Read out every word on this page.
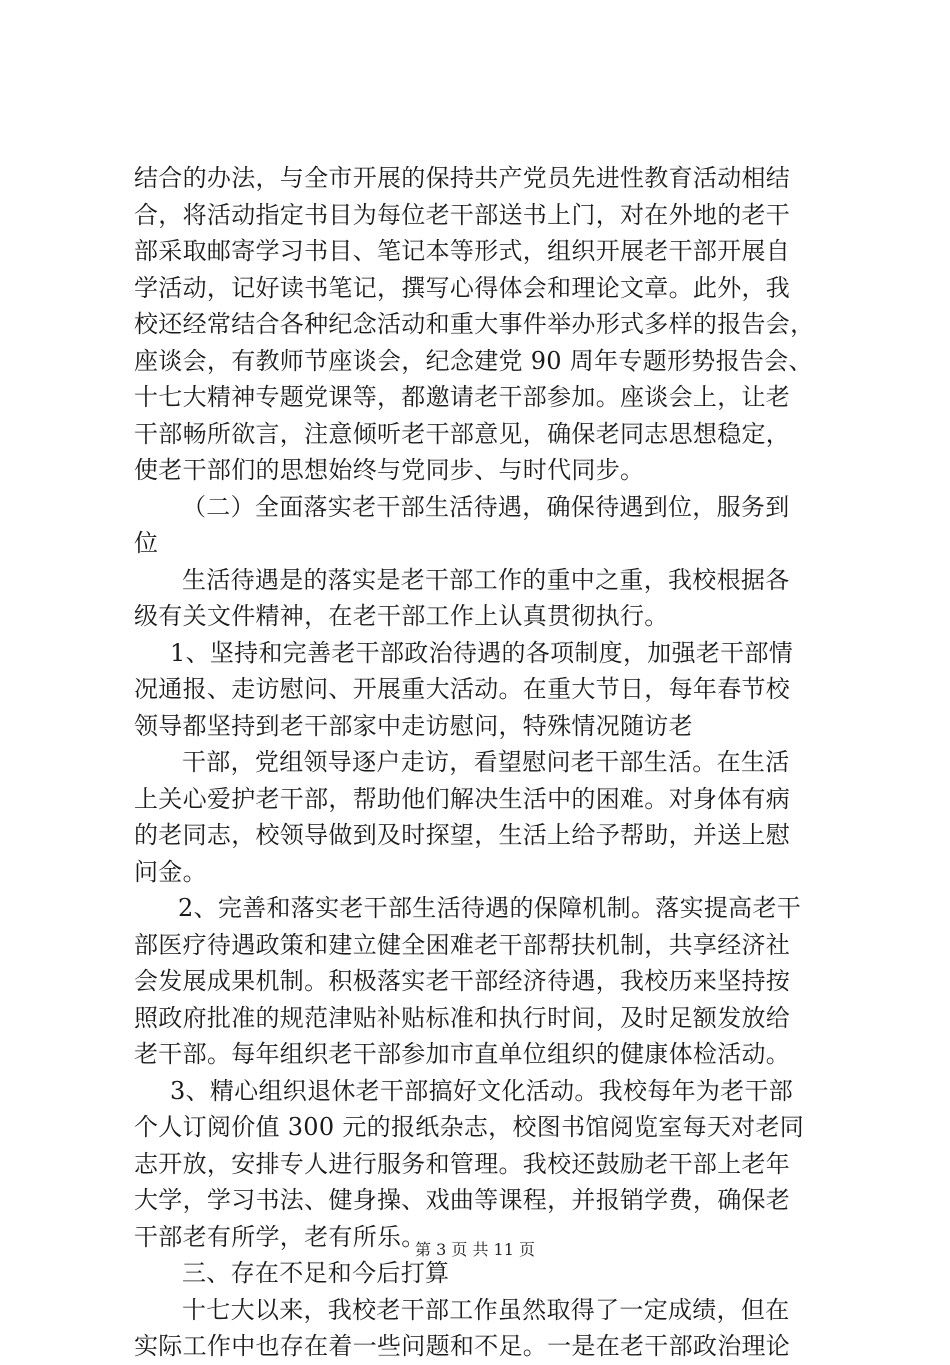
结合的办法，与全市开展的保持共产党员先进性教育活动相结
合，将活动指定书目为每位老干部送书上门，对在外地的老干
部采取邮寄学习书目、笔记本等形式，组织开展老干部开展自
学活动，记好读书笔记，撰写心得体会和理论文章。此外，我
校还经常结合各种纪念活动和重大事件举办形式多样的报告会，
座谈会，有教师节座谈会，纪念建党 90 周年专题形势报告会、
十七大精神专题党课等，都邀请老干部参加。座谈会上，让老
干部畅所欲言，注意倾听老干部意见，确保老同志思想稳定，
使老干部们的思想始终与党同步、与时代同步。
（二）全面落实老干部生活待遇，确保待遇到位，服务到
位
生活待遇是的落实是老干部工作的重中之重，我校根据各
级有关文件精神，在老干部工作上认真贯彻执行。
1、坚持和完善老干部政治待遇的各项制度，加强老干部情
况通报、走访慰问、开展重大活动。在重大节日，每年春节校
领导都坚持到老干部家中走访慰问，特殊情况随访老
干部，党组领导逐户走访，看望慰问老干部生活。在生活
上关心爱护老干部，帮助他们解决生活中的困难。对身体有病
的老同志，校领导做到及时探望，生活上给予帮助，并送上慰
问金。
2、完善和落实老干部生活待遇的保障机制。落实提高老干
部医疗待遇政策和建立健全困难老干部帮扶机制，共享经济社
会发展成果机制。积极落实老干部经济待遇，我校历来坚持按
照政府批准的规范津贴补贴标准和执行时间，及时足额发放给
老干部。每年组织老干部参加市直单位组织的健康体检活动。
3、精心组织退休老干部搞好文化活动。我校每年为老干部
个人订阅价值 300 元的报纸杂志，校图书馆阅览室每天对老同
志开放，安排专人进行服务和管理。我校还鼓励老干部上老年
大学，学习书法、健身操、戏曲等课程，并报销学费，确保老
干部老有所学，老有所乐。
三、存在不足和今后打算
十七大以来，我校老干部工作虽然取得了一定成绩，但在
实际工作中也存在着一些问题和不足。一是在老干部政治理论
第 3 页 共 11 页
